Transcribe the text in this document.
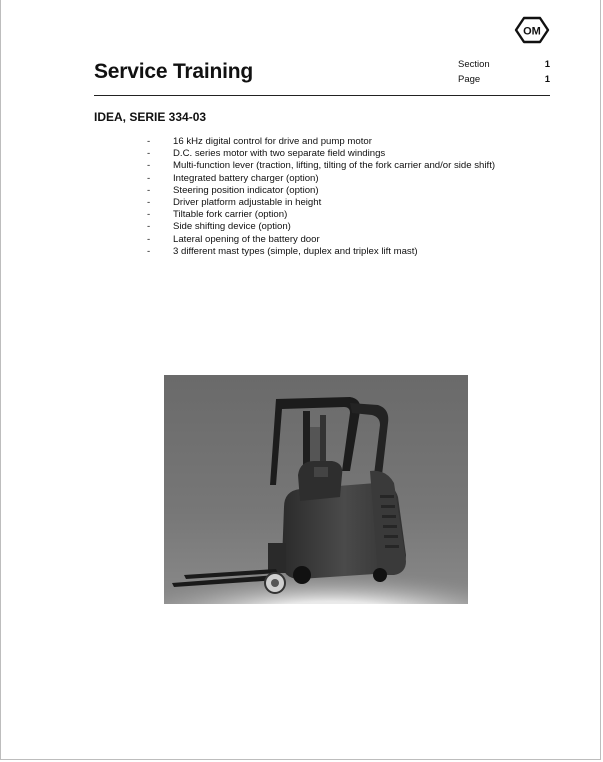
OM
Service Training	Section	1
Page	1
IDEA, SERIE 334-03
-	16 kHz digital control for drive and pump motor
-	D.C. series motor with two separate field windings
-	Multi-function lever (traction, lifting, tilting of the fork carrier and/or side shift)
-	Integrated battery charger (option)
-	Steering position indicator (option)
-	Driver platform adjustable in height
-	Tiltable fork carrier (option)
-	Side shifting device (option)
-	Lateral opening of the battery door
-	3 different mast types (simple, duplex and triplex lift mast)
